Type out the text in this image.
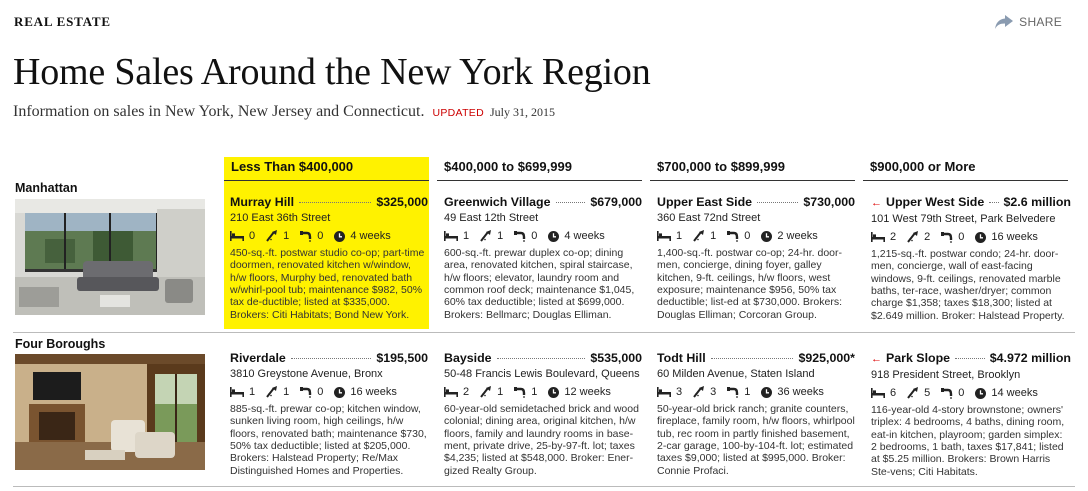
REAL ESTATE	SHARE
Home Sales Around the New York Region
Information on sales in New York, New Jersey and Connecticut. UPDATED July 31, 2015
Less Than $400,000	$400,000 to $699,999	$700,000 to $899,999	$900,000 or More
Manhattan
Murray Hill	$325,000
210 East 36th Street
0	1	0 4 weeks
450-sq.-ft. postwar studio co-op; part-time doormen, renovated kitchen w/window, h/w floors, Murphy bed, renovated bath w/whirl-pool tub; maintenance $982, 50% tax de-ductible; listed at $335,000. Brokers: Citi Habitats; Bond New York.
Greenwich Village	$679,000
49 East 12th Street
1	1	0 4 weeks
600-sq.-ft. prewar duplex co-op; dining area, renovated kitchen, spiral staircase, h/w floors; elevator, laundry room and common roof deck; maintenance $1,045, 60% tax deductible; listed at $699,000. Brokers: Bellmarc; Douglas Elliman.
Upper East Side	$730,000
360 East 72nd Street
1	1	0 2 weeks
1,400-sq.-ft. postwar co-op; 24-hr. door-men, concierge, dining foyer, galley kitchen, 9-ft. ceilings, h/w floors, west exposure; maintenance $956, 50% tax deductible; list-ed at $730,000. Brokers: Douglas Elliman; Corcoran Group.
← Upper West Side $2.6 million
101 West 79th Street, Park Belvedere
2	2	0 16 weeks
1,215-sq.-ft. postwar condo; 24-hr. door-men, concierge, wall of east-facing windows, 9-ft. ceilings, renovated marble baths, ter-race, washer/dryer; common charge $1,358; taxes $18,300; listed at $2.649 million. Broker: Halstead Property.
Four Boroughs
Riverdale	$195,500
3810 Greystone Avenue, Bronx
1	1	0 16 weeks
885-sq.-ft. prewar co-op; kitchen window, sunken living room, high ceilings, h/w floors, renovated bath; maintenance $730, 50% tax deductible; listed at $205,000. Brokers: Halstead Property; Re/Max Distinguished Homes and Properties.
Bayside	$535,000
50-48 Francis Lewis Boulevard, Queens
2	1	1 12 weeks
60-year-old semidetached brick and wood colonial; dining area, original kitchen, h/w floors, family and laundry rooms in base-ment, private drive, 25-by-97-ft. lot; taxes $4,235; listed at $548,000. Broker: Ener-gized Realty Group.
Todt Hill	$925,000*
60 Milden Avenue, Staten Island
3	3	1 36 weeks
50-year-old brick ranch; granite counters, fireplace, family room, h/w floors, whirlpool tub, rec room in partly finished basement, 2-car garage, 100-by-104-ft. lot; estimated taxes $9,000; listed at $995,000. Broker: Connie Profaci.
← Park Slope	$4.972 million
918 President Street, Brooklyn
6	5	0 14 weeks
116-year-old 4-story brownstone; owners' triplex: 4 bedrooms, 4 baths, dining room, eat-in kitchen, playroom; garden simplex: 2 bedrooms, 1 bath, taxes $17,841; listed at $5.25 million. Brokers: Brown Harris Ste-vens; Citi Habitats.
